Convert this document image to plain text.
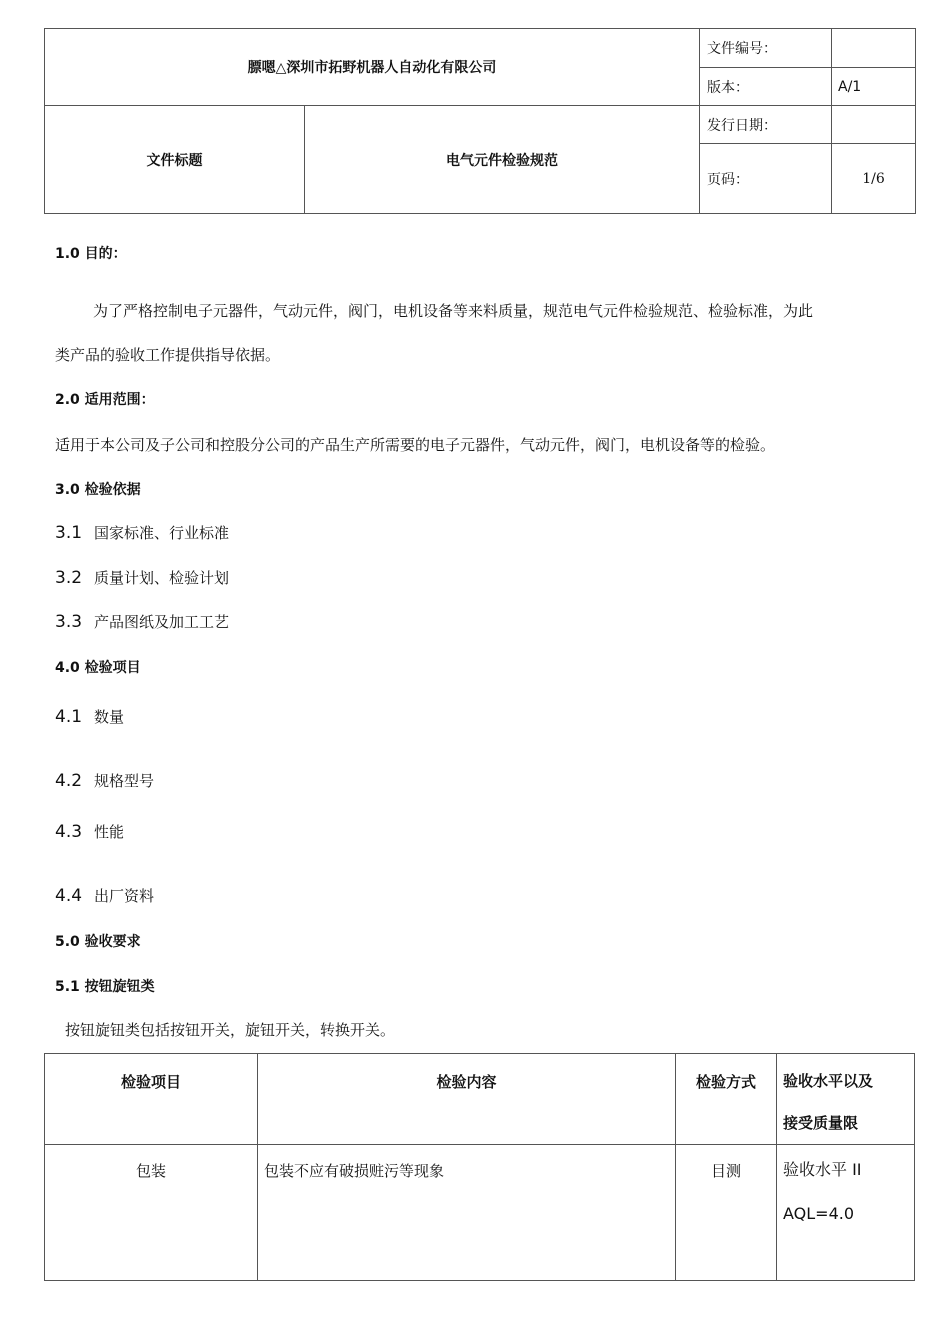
膘嗯△深圳市拓野机器人自动化有限公司		文件编号：	
		版本：	A/1
文件标题	电气元件检验规范	发行日期：	
		页码：	1/6
1.0 目的：
为了严格控制电子元器件，气动元件，阀门，电机设备等来料质量，规范电气元件检验规范、检验标准，为此
类产品的验收工作提供指导依据。
2.0 适用范围：
适用于本公司及子公司和控股分公司的产品生产所需要的电子元器件，气动元件，阀门，电机设备等的检验。
3.0 检验依据
3.1 国家标准、行业标准
3.2 质量计划、检验计划
3.3 产品图纸及加工工艺
4.0 检验项目
4.1 数量
4.2 规格型号
4.3 性能
4.4 出厂资料
5.0 验收要求
5.1 按钮旋钮类
按钮旋钮类包括按钮开关，旋钮开关，转换开关。
检验项目	检验内容	检验方式	验收水平以及
接受质量限

包装	包装不应有破损赃污等现象	目测	验收水平 II
AQL=4.0
